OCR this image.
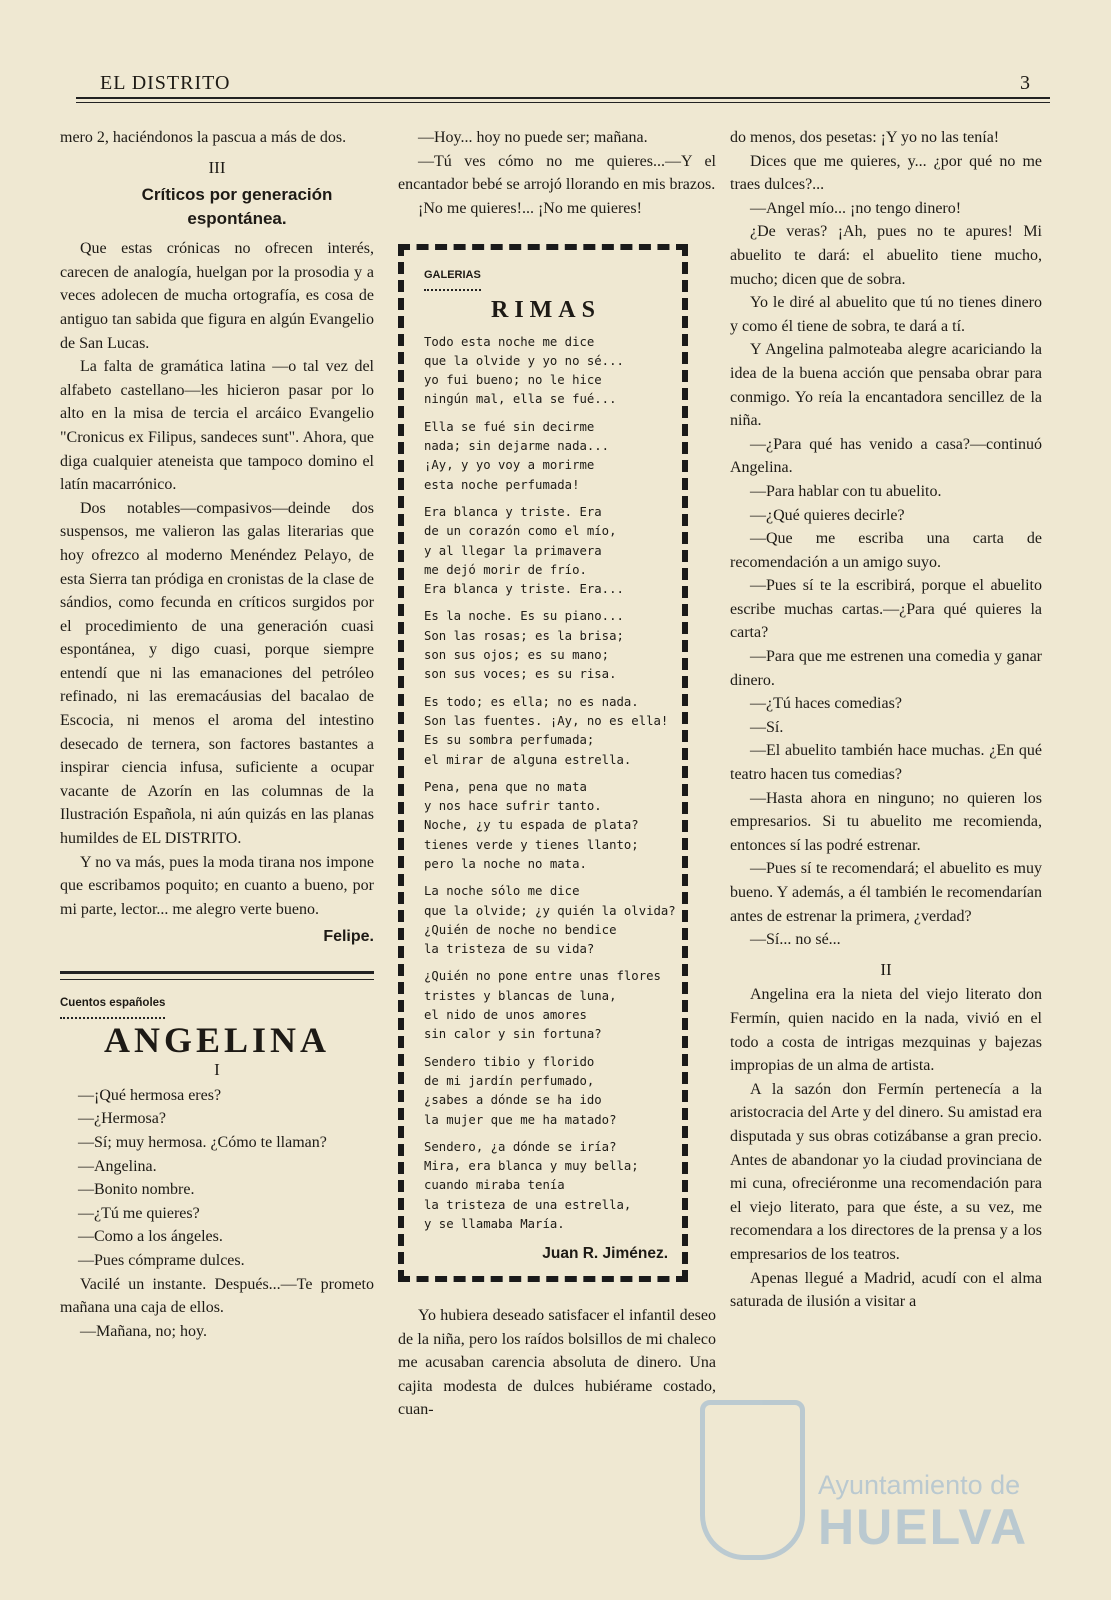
EL DISTRITO	3

mero 2, haciéndonos la pascua a más de dos.

III
Críticos por generación espontánea.

Que estas crónicas no ofrecen interés, carecen de analogía, huelgan por la prosodia y a veces adolecen de mucha ortografía, es cosa de antiguo tan sabida que figura en algún Evangelio de San Lucas.

La falta de gramática latina —o tal vez del alfabeto castellano—les hicieron pasar por lo alto en la misa de tercia el arcáico Evangelio "Cronicus ex Filipus, sandeces sunt". Ahora, que diga cualquier ateneista que tampoco domino el latín macarrónico.

Dos notables—compasivos—deinde dos suspensos, me valieron las galas literarias que hoy ofrezco al moderno Menéndez Pelayo, de esta Sierra tan pródiga en cronistas de la clase de sándios, como fecunda en críticos surgidos por el procedimiento de una generación cuasi espontánea, y digo cuasi, porque siempre entendí que ni las emanaciones del petróleo refinado, ni las eremacáusias del bacalao de Escocia, ni menos el aroma del intestino desecado de ternera, son factores bastantes a inspirar ciencia infusa, suficiente a ocupar vacante de Azorín en las columnas de la Ilustración Española, ni aún quizás en las planas humildes de EL DISTRITO.

Y no va más, pues la moda tirana nos impone que escribamos poquito; en cuanto a bueno, por mi parte, lector... me alegro verte bueno.

Felipe.
Cuentos españoles
ANGELINA
I

—¡Qué hermosa eres?

—¿Hermosa?

—Sí; muy hermosa. ¿Cómo te llaman?

—Angelina.

—Bonito nombre.

—¿Tú me quieres?

—Como a los ángeles.

—Pues cómprame dulces.

Vacilé un instante. Después...—Te prometo mañana una caja de ellos.

—Mañana, no; hoy.

—Hoy... hoy no puede ser; mañana.

—Tú ves cómo no me quieres...—Y el encantador bebé se arrojó llorando en mis brazos.

¡No me quieres!... ¡No me quieres!

GALERIAS
RIMAS
Todo esta noche me dice
que la olvide y yo no sé...
yo fui bueno; no le hice
ningún mal, ella se fué...
Ella se fué sin decirme
nada; sin dejarme nada...
¡Ay, y yo voy a morirme
esta noche perfumada!
Era blanca y triste. Era
de un corazón como el mío,
y al llegar la primavera
me dejó morir de frío.
Era blanca y triste. Era...
Es la noche. Es su piano...
Son las rosas; es la brisa;
son sus ojos; es su mano;
son sus voces; es su risa.
Es todo; es ella; no es nada.
Son las fuentes. ¡Ay, no es ella!
Es su sombra perfumada;
el mirar de alguna estrella.
Pena, pena que no mata
y nos hace sufrir tanto.
Noche, ¿y tu espada de plata?
tienes verde y tienes llanto;
pero la noche no mata.
La noche sólo me dice
que la olvide; ¿y quién la olvida?
¿Quién de noche no bendice
la tristeza de su vida?
¿Quién no pone entre unas flores
tristes y blancas de luna,
el nido de unos amores
sin calor y sin fortuna?
Sendero tibio y florido
de mi jardín perfumado,
¿sabes a dónde se ha ido
la mujer que me ha matado?
Sendero, ¿a dónde se iría?
Mira, era blanca y muy bella;
cuando miraba tenía
la tristeza de una estrella,
y se llamaba María.
Juan R. Jiménez.

Yo hubiera deseado satisfacer el infantil deseo de la niña, pero los raídos bolsillos de mi chaleco me acusaban carencia absoluta de dinero. Una cajita modesta de dulces hubiérame costado, cuan-

do menos, dos pesetas: ¡Y yo no las tenía!

Dices que me quieres, y... ¿por qué no me traes dulces?...

—Angel mío... ¡no tengo dinero!

¿De veras? ¡Ah, pues no te apures! Mi abuelito te dará: el abuelito tiene mucho, mucho; dicen que de sobra.

Yo le diré al abuelito que tú no tienes dinero y como él tiene de sobra, te dará a tí.

Y Angelina palmoteaba alegre acariciando la idea de la buena acción que pensaba obrar para conmigo. Yo reía la encantadora sencillez de la niña.

—¿Para qué has venido a casa?—continuó Angelina.

—Para hablar con tu abuelito.

—¿Qué quieres decirle?

—Que me escriba una carta de recomendación a un amigo suyo.

—Pues sí te la escribirá, porque el abuelito escribe muchas cartas.—¿Para qué quieres la carta?

—Para que me estrenen una comedia y ganar dinero.

—¿Tú haces comedias?

—Sí.

—El abuelito también hace muchas. ¿En qué teatro hacen tus comedias?

—Hasta ahora en ninguno; no quieren los empresarios. Si tu abuelito me recomienda, entonces sí las podré estrenar.

—Pues sí te recomendará; el abuelito es muy bueno. Y además, a él también le recomendarían antes de estrenar la primera, ¿verdad?

—Sí... no sé...

II

Angelina era la nieta del viejo literato don Fermín, quien nacido en la nada, vivió en el todo a costa de intrigas mezquinas y bajezas impropias de un alma de artista.

A la sazón don Fermín pertenecía a la aristocracia del Arte y del dinero. Su amistad era disputada y sus obras cotizábanse a gran precio. Antes de abandonar yo la ciudad provinciana de mi cuna, ofreciéronme una recomendación para el viejo literato, para que éste, a su vez, me recomendara a los directores de la prensa y a los empresarios de los teatros.

Apenas llegué a Madrid, acudí con el alma saturada de ilusión a visitar a

Ayuntamiento de
HUELVA
